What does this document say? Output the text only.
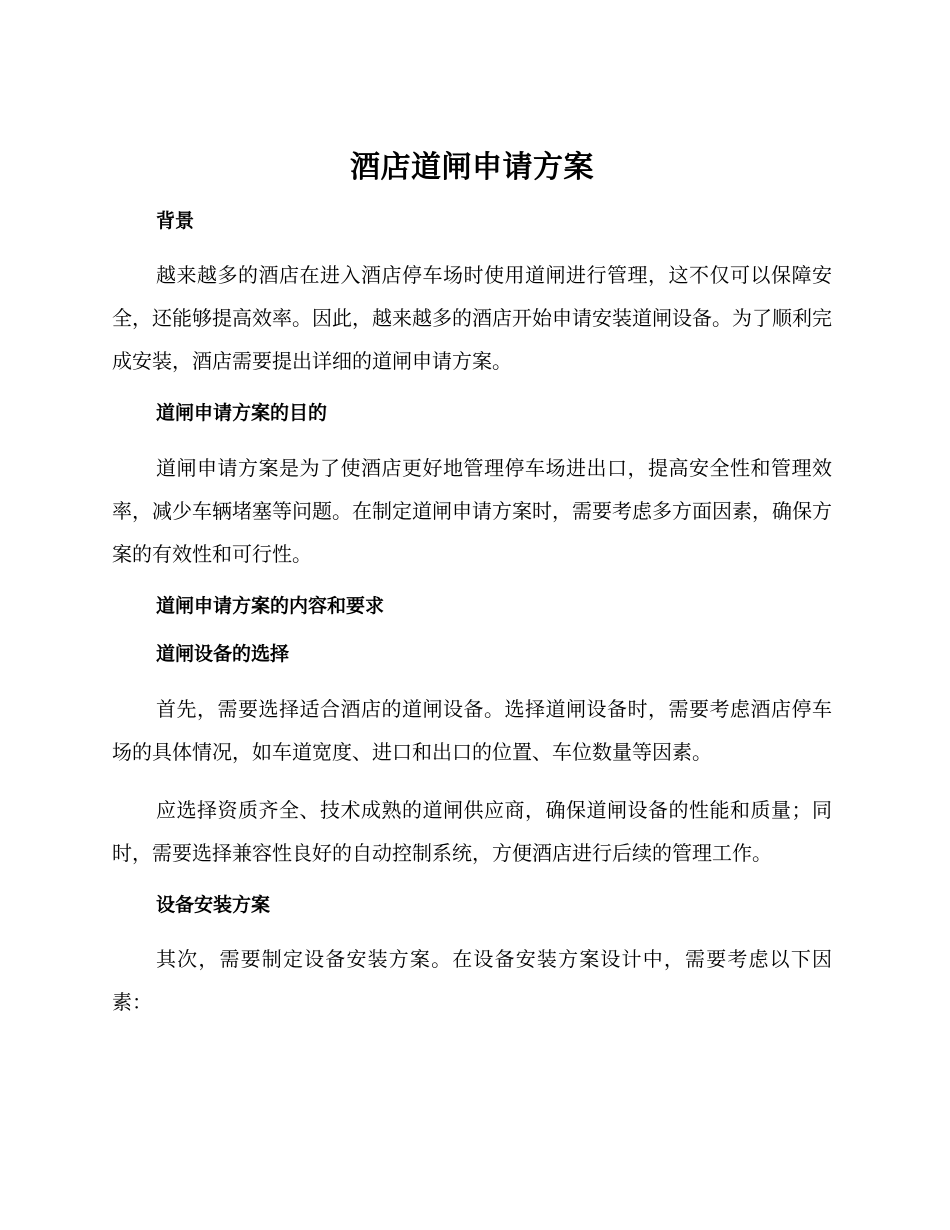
酒店道闸申请方案
背景

越来越多的酒店在进入酒店停车场时使用道闸进行管理，这不仅可以保障安全，还能够提高效率。因此，越来越多的酒店开始申请安装道闸设备。为了顺利完成安装，酒店需要提出详细的道闸申请方案。

道闸申请方案的目的

道闸申请方案是为了使酒店更好地管理停车场进出口，提高安全性和管理效率，减少车辆堵塞等问题。在制定道闸申请方案时，需要考虑多方面因素，确保方案的有效性和可行性。

道闸申请方案的内容和要求
道闸设备的选择

首先，需要选择适合酒店的道闸设备。选择道闸设备时，需要考虑酒店停车场的具体情况，如车道宽度、进口和出口的位置、车位数量等因素。

应选择资质齐全、技术成熟的道闸供应商，确保道闸设备的性能和质量；同时，需要选择兼容性良好的自动控制系统，方便酒店进行后续的管理工作。

设备安装方案

其次，需要制定设备安装方案。在设备安装方案设计中，需要考虑以下因素：
